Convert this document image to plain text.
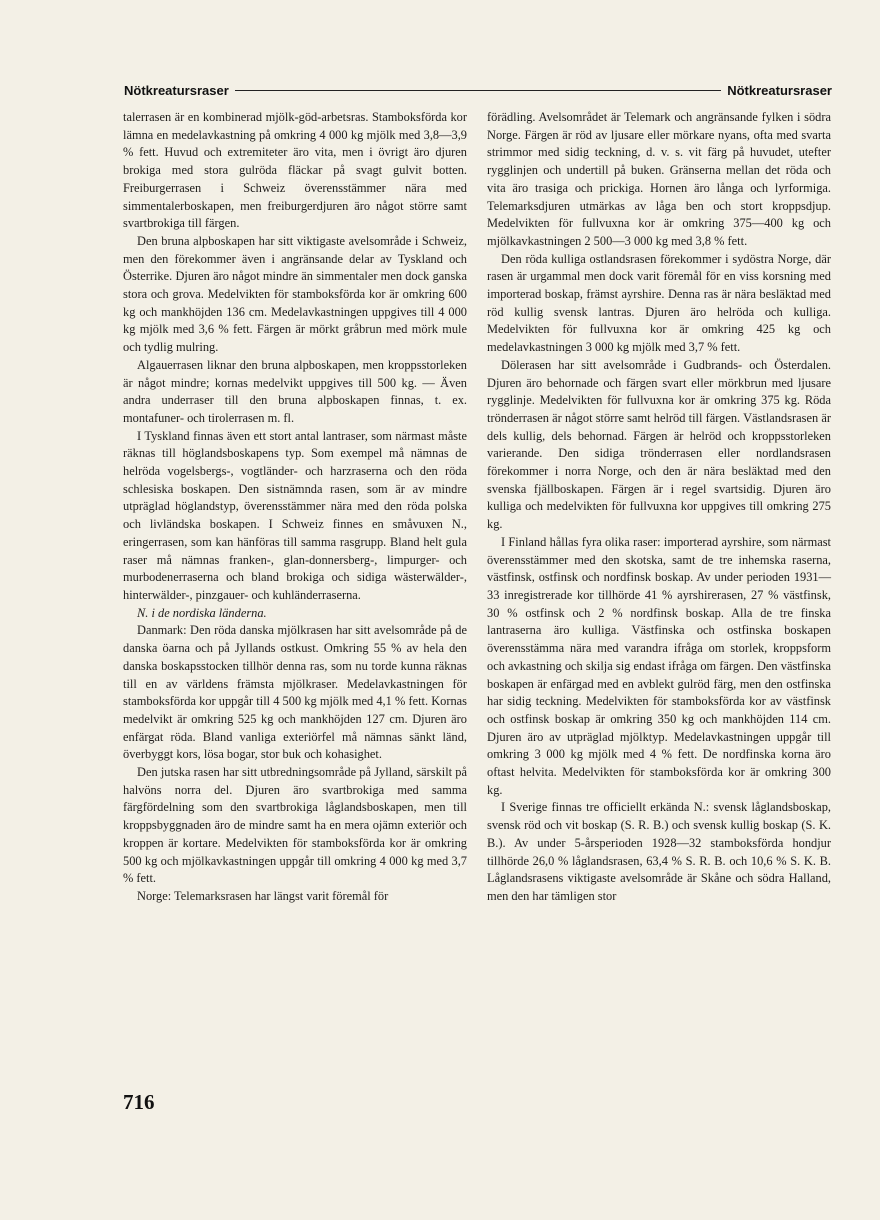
Nötkreatursraser	Nötkreatursraser

talerrasen är en kombinerad mjölk-göd-arbetsras. Stamboksförda kor lämna en medelavkastning på omkring 4 000 kg mjölk med 3,8—3,9 % fett. Huvud och extremiteter äro vita, men i övrigt äro djuren brokiga med stora gulröda fläckar på svagt gulvit botten. Freiburgerrasen i Schweiz överensstämmer nära med simmentalerboskapen, men freiburgerdjuren äro något större samt svartbrokiga till färgen.

Den bruna alpboskapen har sitt viktigaste avelsområde i Schweiz, men den förekommer även i angränsande delar av Tyskland och Österrike. Djuren äro något mindre än simmentaler men dock ganska stora och grova. Medelvikten för stamboksförda kor är omkring 600 kg och mankhöjden 136 cm. Medelavkastningen uppgives till 4 000 kg mjölk med 3,6 % fett. Färgen är mörkt gråbrun med mörk mule och tydlig mulring.

Algauerrasen liknar den bruna alpboskapen, men kroppsstorleken är något mindre; kornas medelvikt uppgives till 500 kg. — Även andra underraser till den bruna alpboskapen finnas, t. ex. montafuner- och tirolerrasen m. fl.

I Tyskland finnas även ett stort antal lantraser, som närmast måste räknas till höglandsboskapens typ. Som exempel må nämnas de helröda vogelsbergs-, vogtländer- och harzraserna och den röda schlesiska boskapen. Den sistnämnda rasen, som är av mindre utpräglad höglandstyp, överensstämmer nära med den röda polska och livländska boskapen. I Schweiz finnes en småvuxen N., eringerrasen, som kan hänföras till samma rasgrupp. Bland helt gula raser må nämnas franken-, glan-donnersberg-, limpurger- och murbodenerraserna och bland brokiga och sidiga wästerwälder-, hinterwälder-, pinzgauer- och kuhländerraserna.

N. i de nordiska länderna.

Danmark: Den röda danska mjölkrasen har sitt avelsområde på de danska öarna och på Jyllands ostkust. Omkring 55 % av hela den danska boskapsstocken tillhör denna ras, som nu torde kunna räknas till en av världens främsta mjölkraser. Medelavkastningen för stamboksförda kor uppgår till 4 500 kg mjölk med 4,1 % fett. Kornas medelvikt är omkring 525 kg och mankhöjden 127 cm. Djuren äro enfärgat röda. Bland vanliga exteriörfel må nämnas sänkt länd, överbyggt kors, lösa bogar, stor buk och kohasighet.

Den jutska rasen har sitt utbredningsområde på Jylland, särskilt på halvöns norra del. Djuren äro svartbrokiga med samma färgfördelning som den svartbrokiga låglandsboskapen, men till kroppsbyggnaden äro de mindre samt ha en mera ojämn exteriör och kroppen är kortare. Medelvikten för stamboksförda kor är omkring 500 kg och mjölkavkastningen uppgår till omkring 4 000 kg med 3,7 % fett.

Norge: Telemarksrasen har längst varit föremål för

förädling. Avelsområdet är Telemark och angränsande fylken i södra Norge. Färgen är röd av ljusare eller mörkare nyans, ofta med svarta strimmor med sidig teckning, d. v. s. vit färg på huvudet, utefter rygglinjen och undertill på buken. Gränserna mellan det röda och vita äro trasiga och prickiga. Hornen äro långa och lyrformiga. Telemarksdjuren utmärkas av låga ben och stort kroppsdjup. Medelvikten för fullvuxna kor är omkring 375—400 kg och mjölkavkastningen 2 500—3 000 kg med 3,8 % fett.

Den röda kulliga ostlandsrasen förekommer i sydöstra Norge, där rasen är urgammal men dock varit föremål för en viss korsning med importerad boskap, främst ayrshire. Denna ras är nära besläktad med röd kullig svensk lantras. Djuren äro helröda och kulliga. Medelvikten för fullvuxna kor är omkring 425 kg och medelavkastningen 3 000 kg mjölk med 3,7 % fett.

Dölerasen har sitt avelsområde i Gudbrands- och Österdalen. Djuren äro behornade och färgen svart eller mörkbrun med ljusare rygglinje. Medelvikten för fullvuxna kor är omkring 375 kg. Röda trönderrasen är något större samt helröd till färgen. Västlandsrasen är dels kullig, dels behornad. Färgen är helröd och kroppsstorleken varierande. Den sidiga trönderrasen eller nordlandsrasen förekommer i norra Norge, och den är nära besläktad med den svenska fjällboskapen. Färgen är i regel svartsidig. Djuren äro kulliga och medelvikten för fullvuxna kor uppgives till omkring 275 kg.

I Finland hållas fyra olika raser: importerad ayrshire, som närmast överensstämmer med den skotska, samt de tre inhemska raserna, västfinsk, ostfinsk och nordfinsk boskap. Av under perioden 1931—33 inregistrerade kor tillhörde 41 % ayrshirerasen, 27 % västfinsk, 30 % ostfinsk och 2 % nordfinsk boskap. Alla de tre finska lantraserna äro kulliga. Västfinska och ostfinska boskapen överensstämma nära med varandra ifråga om storlek, kroppsform och avkastning och skilja sig endast ifråga om färgen. Den västfinska boskapen är enfärgad med en avblekt gulröd färg, men den ostfinska har sidig teckning. Medelvikten för stamboksförda kor av västfinsk och ostfinsk boskap är omkring 350 kg och mankhöjden 114 cm. Djuren äro av utpräglad mjölktyp. Medelavkastningen uppgår till omkring 3 000 kg mjölk med 4 % fett. De nordfinska korna äro oftast helvita. Medelvikten för stamboksförda kor är omkring 300 kg.

I Sverige finnas tre officiellt erkända N.: svensk låglandsboskap, svensk röd och vit boskap (S. R. B.) och svensk kullig boskap (S. K. B.). Av under 5-årsperioden 1928—32 stamboksförda hondjur tillhörde 26,0 % låglandsrasen, 63,4 % S. R. B. och 10,6 % S. K. B. Låglandsrasens viktigaste avelsområde är Skåne och södra Halland, men den har tämligen stor

716
